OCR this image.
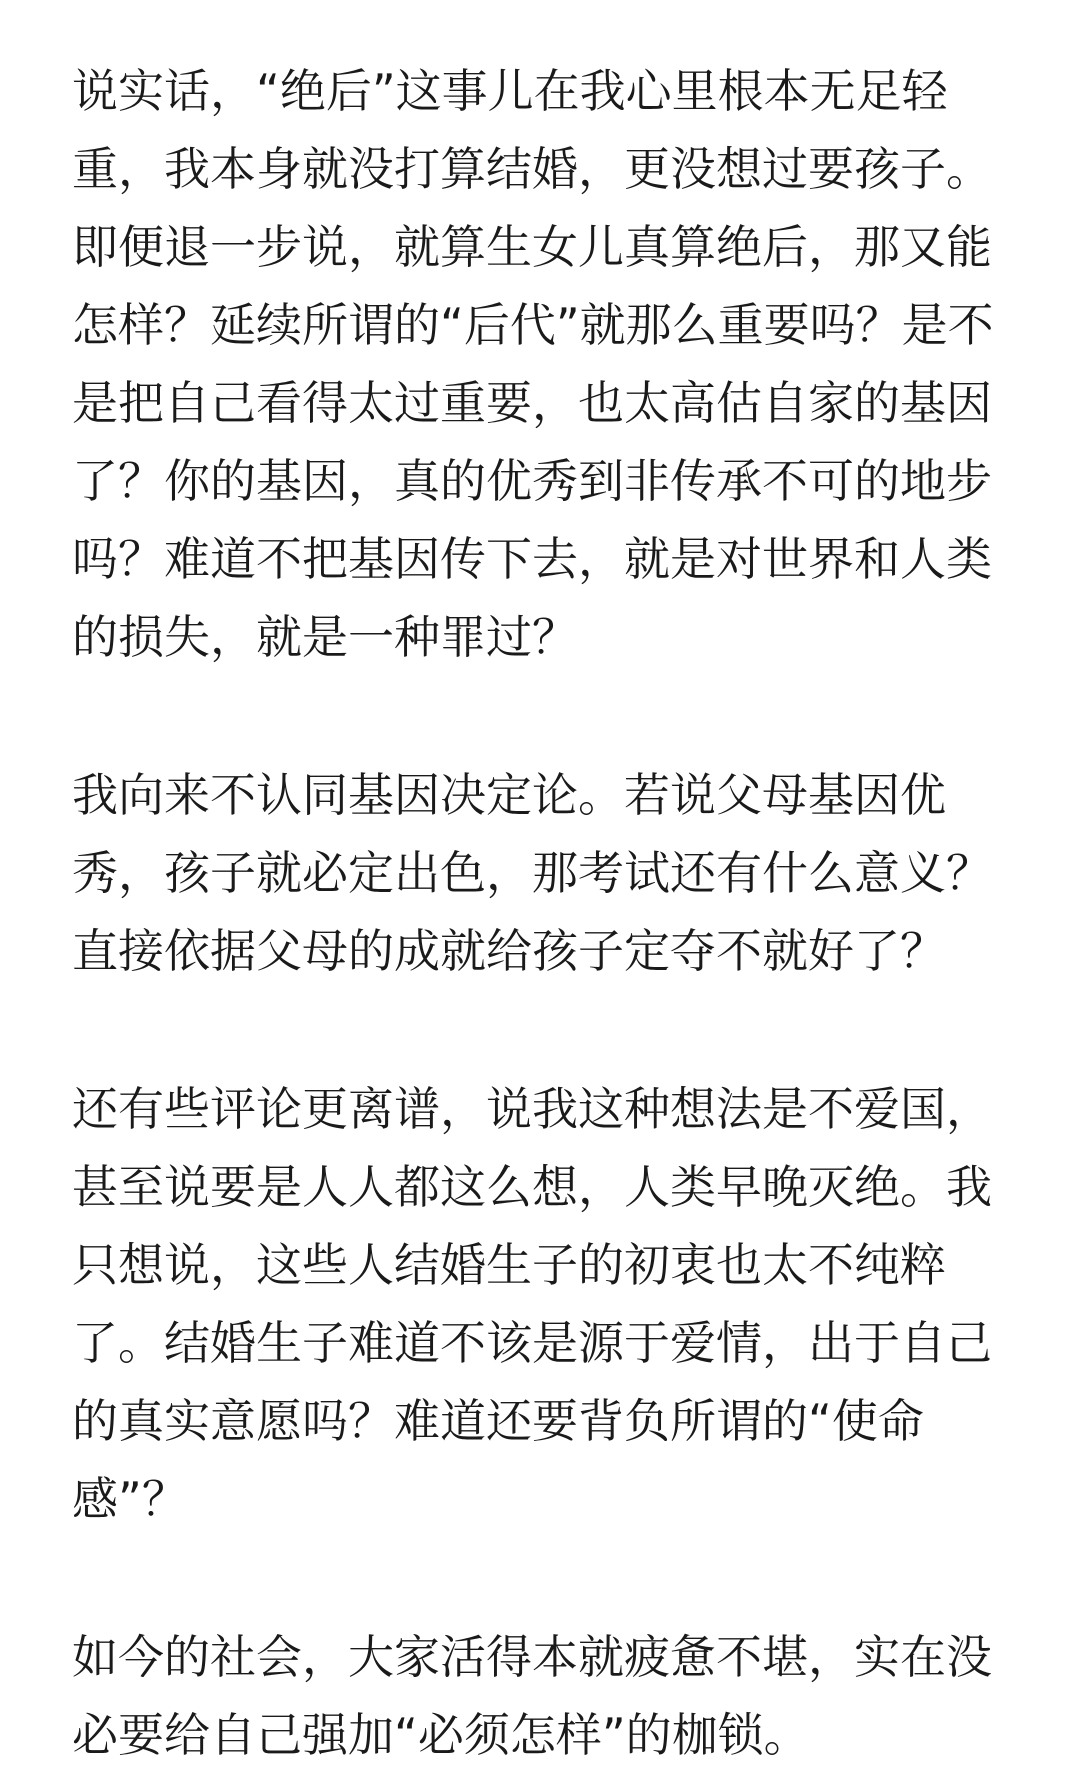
说实话，“绝后”这事儿在我心里根本无足轻
重，我本身就没打算结婚，更没想过要孩子。
即便退一步说，就算生女儿真算绝后，那又能
怎样？延续所谓的“后代”就那么重要吗？是不
是把自己看得太过重要，也太高估自家的基因
了？你的基因，真的优秀到非传承不可的地步
吗？难道不把基因传下去，就是对世界和人类
的损失，就是一种罪过？

我向来不认同基因决定论。若说父母基因优
秀，孩子就必定出色，那考试还有什么意义？
直接依据父母的成就给孩子定夺不就好了？

还有些评论更离谱，说我这种想法是不爱国，
甚至说要是人人都这么想，人类早晚灭绝。我
只想说，这些人结婚生子的初衷也太不纯粹
了。结婚生子难道不该是源于爱情，出于自己
的真实意愿吗？难道还要背负所谓的“使命
感”？

如今的社会，大家活得本就疲惫不堪，实在没
必要给自己强加“必须怎样”的枷锁。
